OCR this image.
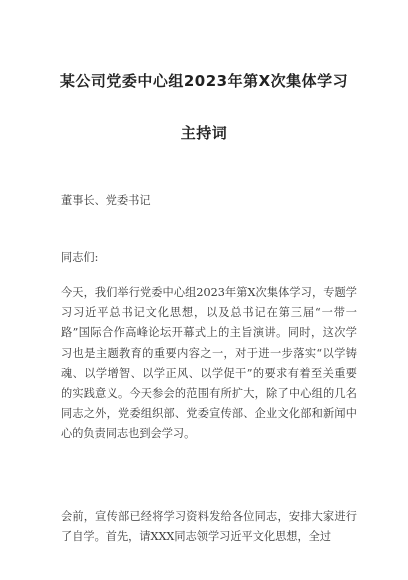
某公司党委中心组2023年第X次集体学习
主持词
董事长、党委书记
同志们:

今天，我们举行党委中心组2023年第X次集体学习，专题学习习近平总书记文化思想，以及总书记在第三届“一带一路”国际合作高峰论坛开幕式上的主旨演讲。同时，这次学习也是主题教育的重要内容之一，对于进一步落实“以学铸魂、以学增智、以学正风、以学促干”的要求有着至关重要的实践意义。今天参会的范围有所扩大，除了中心组的几名同志之外，党委组织部、党委宣传部、企业文化部和新闻中心的负责同志也到会学习。

会前，宣传部已经将学习资料发给各位同志，安排大家进行了自学。首先，请XXX同志领学习近平文化思想，全过
